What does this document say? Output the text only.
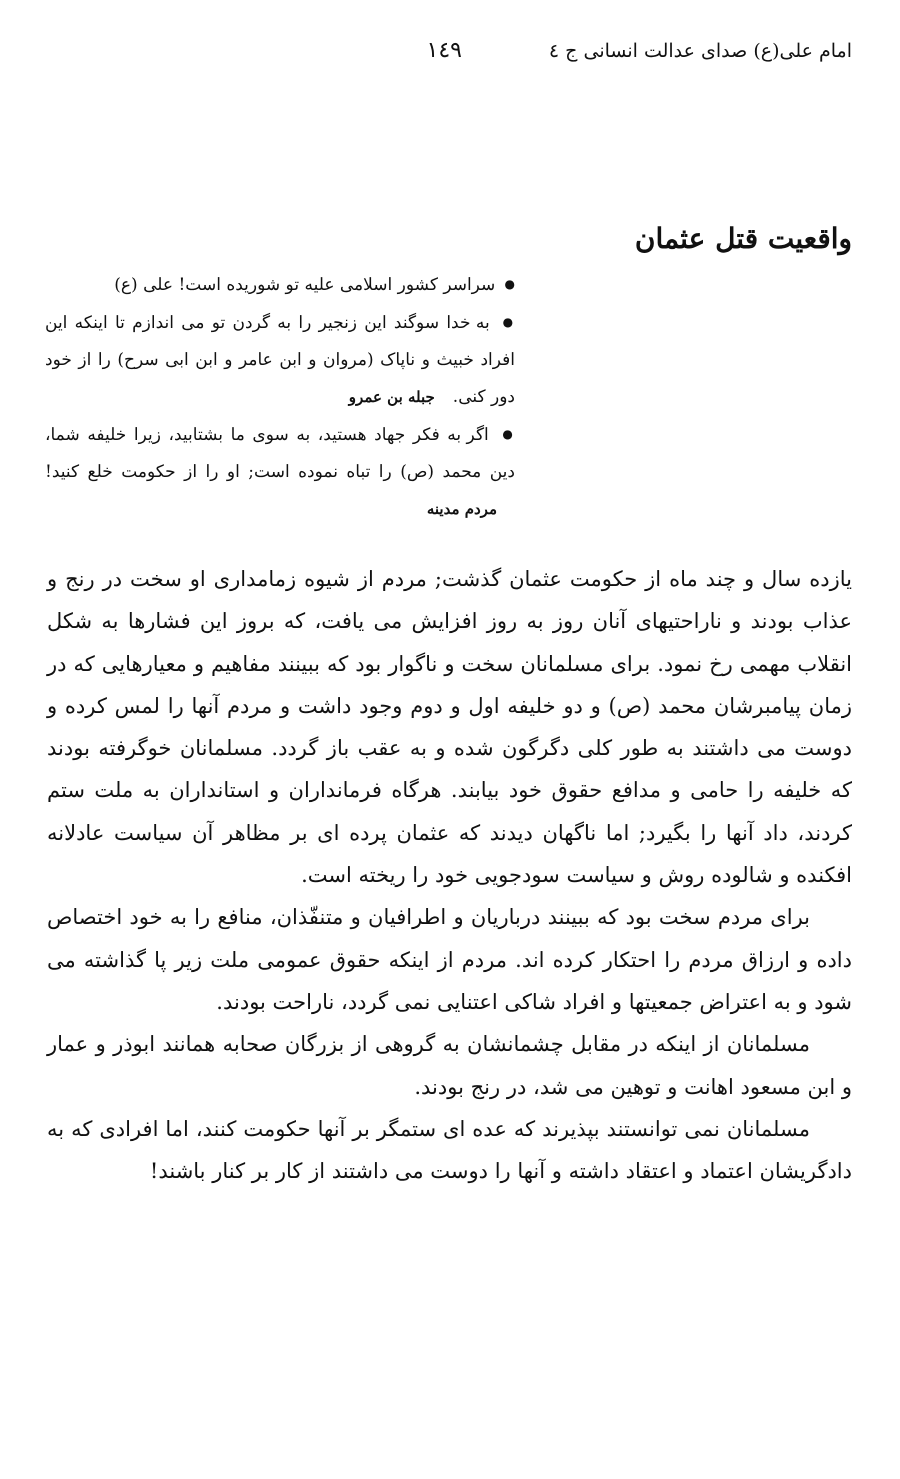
امام علی(ع) صدای عدالت انسانی ج ٤
١٤٩
واقعیت قتل عثمان

● سراسر کشور اسلامی علیه تو شوریده است! علی (ع)

● به خدا سوگند این زنجیر را به گردن تو می اندازم تا اینکه این افراد خبیث و ناپاک (مروان و ابن عامر و ابن ابی سرح) را از خود دور کنی.جبله بن عمرو

● اگر به فکر جهاد هستید، به سوی ما بشتابید، زیرا خلیفه شما، دین محمد (ص) را تباه نموده است; او را از حکومت خلع کنید!مردم مدینه

یازده سال و چند ماه از حکومت عثمان گذشت; مردم از شیوه زمامداری او سخت در رنج و عذاب بودند و ناراحتیهای آنان روز به روز افزایش می یافت، که بروز این فشارها به شکل انقلاب مهمی رخ نمود. برای مسلمانان سخت و ناگوار بود که ببینند مفاهیم و معیارهایی که در زمان پیامبرشان محمد (ص) و دو خلیفه اول و دوم وجود داشت و مردم آنها را لمس کرده و دوست می داشتند به طور کلی دگرگون شده و به عقب باز گردد. مسلمانان خوگرفته بودند که خلیفه را حامی و مدافع حقوق خود بیابند. هرگاه فرمانداران و استانداران به ملت ستم کردند، داد آنها را بگیرد; اما ناگهان دیدند که عثمان پرده ای بر مظاهر آن سیاست عادلانه افکنده و شالوده روش و سیاست سودجویی خود را ریخته است.

برای مردم سخت بود که ببینند درباریان و اطرافیان و متنفّذان، منافع را به خود اختصاص داده و ارزاق مردم را احتکار کرده اند. مردم از اینکه حقوق عمومی ملت زیر پا گذاشته می شود و به اعتراض جمعیتها و افراد شاکی اعتنایی نمی گردد، ناراحت بودند.

مسلمانان از اینکه در مقابل چشمانشان به گروهی از بزرگان صحابه همانند ابوذر و عمار و ابن مسعود اهانت و توهین می شد، در رنج بودند.

مسلمانان نمی توانستند بپذیرند که عده ای ستمگر بر آنها حکومت کنند، اما افرادی که به دادگریشان اعتماد و اعتقاد داشته و آنها را دوست می داشتند از کار بر کنار باشند!
